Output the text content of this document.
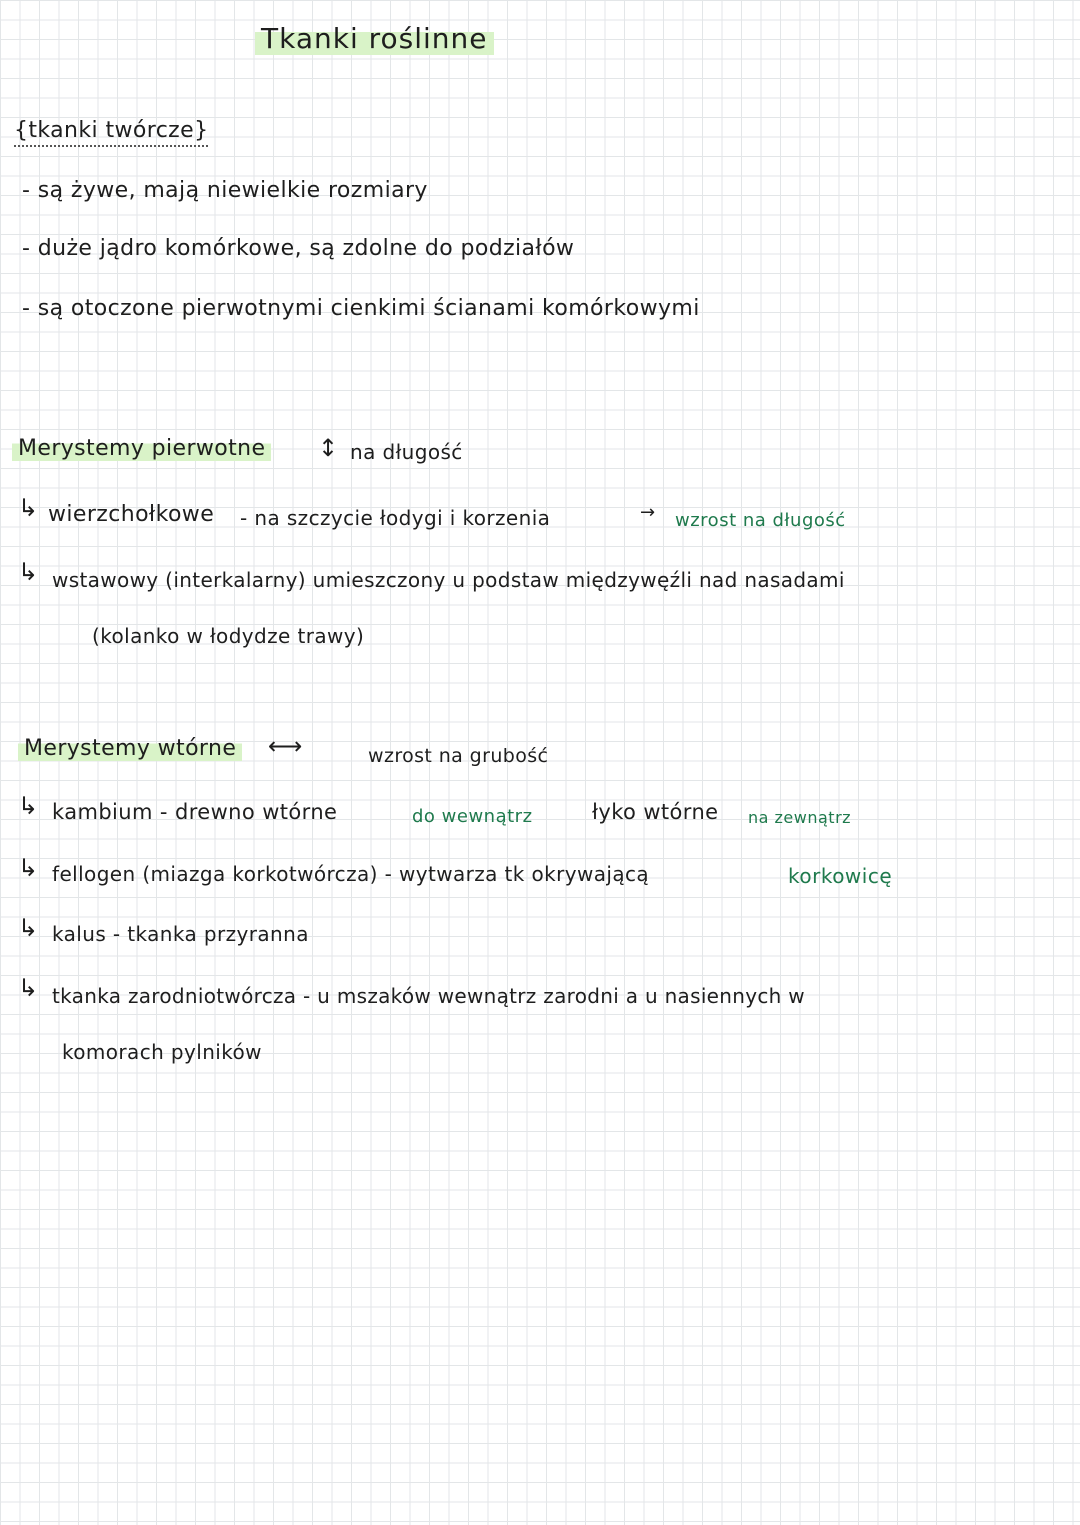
Tkanki roślinne
{tkanki twórcze}
- są żywe, mają niewielkie rozmiary
- duże jądro komórkowe, są zdolne do podziałów
- są otoczone pierwotnymi cienkimi ścianami komórkowymi
Merystemy pierwotne ↕ na długość
↳ wierzchołkowe - na szczycie łodygi i korzenia	→ wzrost na długość
↳ wstawowy (interkalarny) umieszczony u podstaw międzywęźli nad nasadami
(kolanko w łodydze trawy)
Merystemy wtórne ⟷	wzrost na grubość
↳ kambium - drewno wtórne	do wewnątrz	łyko wtórne na zewnątrz
↳ fellogen (miazga korkotwórcza) - wytwarza tk okrywającą	korkowicę
↳ kalus - tkanka przyranna
↳ tkanka zarodniotwórcza - u mszaków wewnątrz zarodni a u nasiennych w
komorach pylników
